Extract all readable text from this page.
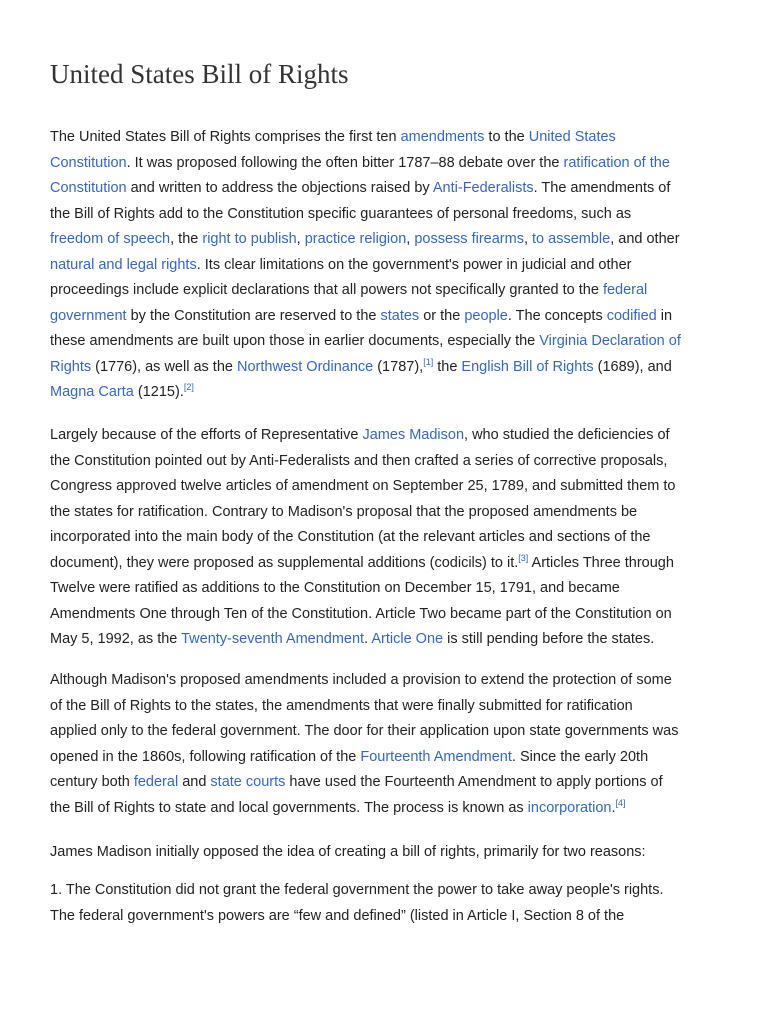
United States Bill of Rights
The United States Bill of Rights comprises the first ten amendments to the United States
Constitution. It was proposed following the often bitter 1787–88 debate over the ratification of the
Constitution and written to address the objections raised by Anti-Federalists. The amendments of
the Bill of Rights add to the Constitution specific guarantees of personal freedoms, such as
freedom of speech, the right to publish, practice religion, possess firearms, to assemble, and other
natural and legal rights. Its clear limitations on the government's power in judicial and other
proceedings include explicit declarations that all powers not specifically granted to the federal
government by the Constitution are reserved to the states or the people. The concepts codified in
these amendments are built upon those in earlier documents, especially the Virginia Declaration of
Rights (1776), as well as the Northwest Ordinance (1787),[1] the English Bill of Rights (1689), and
Magna Carta (1215).[2]
Largely because of the efforts of Representative James Madison, who studied the deficiencies of
the Constitution pointed out by Anti-Federalists and then crafted a series of corrective proposals,
Congress approved twelve articles of amendment on September 25, 1789, and submitted them to
the states for ratification. Contrary to Madison's proposal that the proposed amendments be
incorporated into the main body of the Constitution (at the relevant articles and sections of the
document), they were proposed as supplemental additions (codicils) to it.[3] Articles Three through
Twelve were ratified as additions to the Constitution on December 15, 1791, and became
Amendments One through Ten of the Constitution. Article Two became part of the Constitution on
May 5, 1992, as the Twenty-seventh Amendment. Article One is still pending before the states.
Although Madison's proposed amendments included a provision to extend the protection of some
of the Bill of Rights to the states, the amendments that were finally submitted for ratification
applied only to the federal government. The door for their application upon state governments was
opened in the 1860s, following ratification of the Fourteenth Amendment. Since the early 20th
century both federal and state courts have used the Fourteenth Amendment to apply portions of
the Bill of Rights to state and local governments. The process is known as incorporation.[4]
James Madison initially opposed the idea of creating a bill of rights, primarily for two reasons:
1. The Constitution did not grant the federal government the power to take away people's rights.
The federal government's powers are “few and defined” (listed in Article I, Section 8 of the
